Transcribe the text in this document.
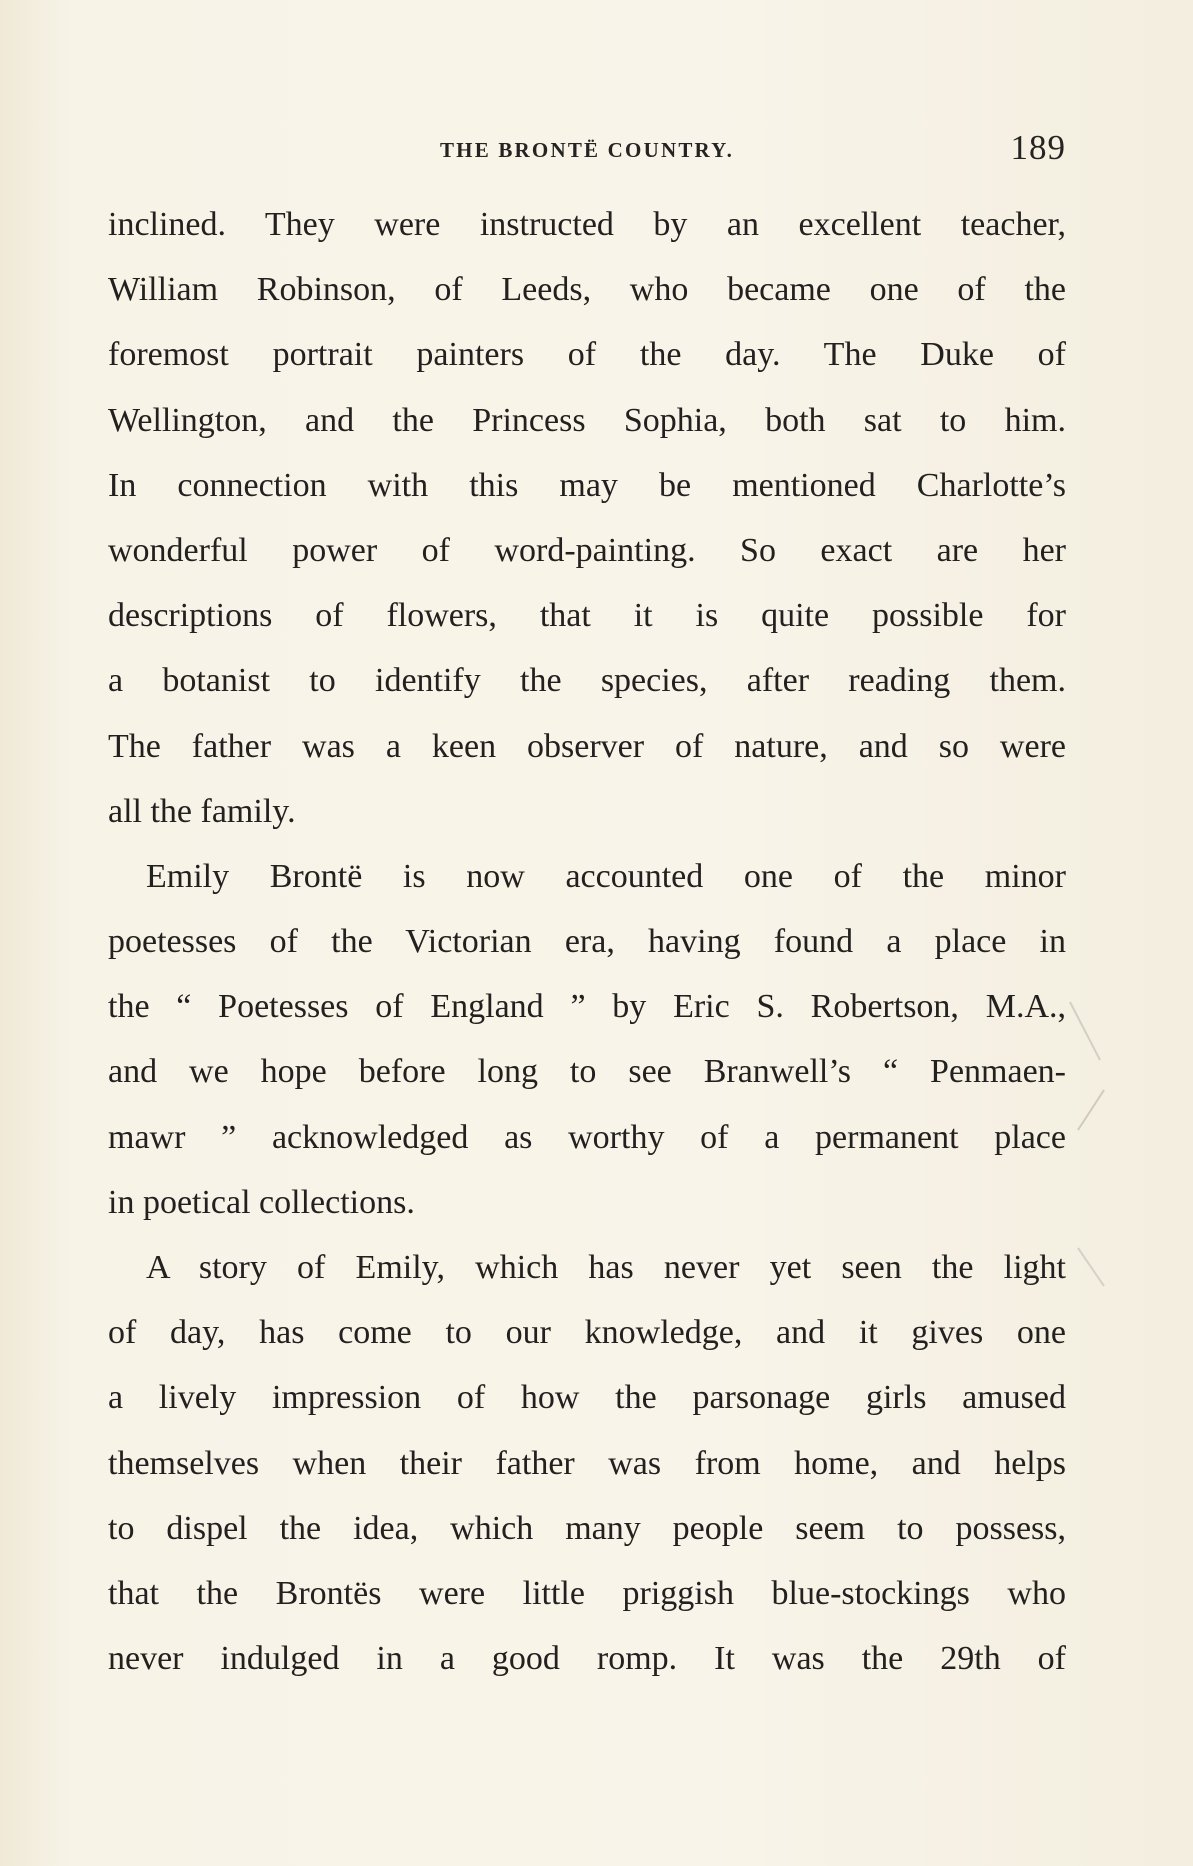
THE BRONTË COUNTRY.	189
inclined. They were instructed by an excellent teacher,
William Robinson, of Leeds, who became one of the
foremost portrait painters of the day. The Duke of
Wellington, and the Princess Sophia, both sat to him.
In connection with this may be mentioned Charlotte’s
wonderful power of word-painting. So exact are her
descriptions of flowers, that it is quite possible for
a botanist to identify the species, after reading them.
The father was a keen observer of nature, and so were
all the family.
Emily Brontë is now accounted one of the minor
poetesses of the Victorian era, having found a place in
the “ Poetesses of England ” by Eric S. Robertson, M.A.,
and we hope before long to see Branwell’s “ Penmaen-
mawr ” acknowledged as worthy of a permanent place
in poetical collections.
A story of Emily, which has never yet seen the light
of day, has come to our knowledge, and it gives one
a lively impression of how the parsonage girls amused
themselves when their father was from home, and helps
to dispel the idea, which many people seem to possess,
that the Brontës were little priggish blue-stockings who
never indulged in a good romp. It was the 29th of
